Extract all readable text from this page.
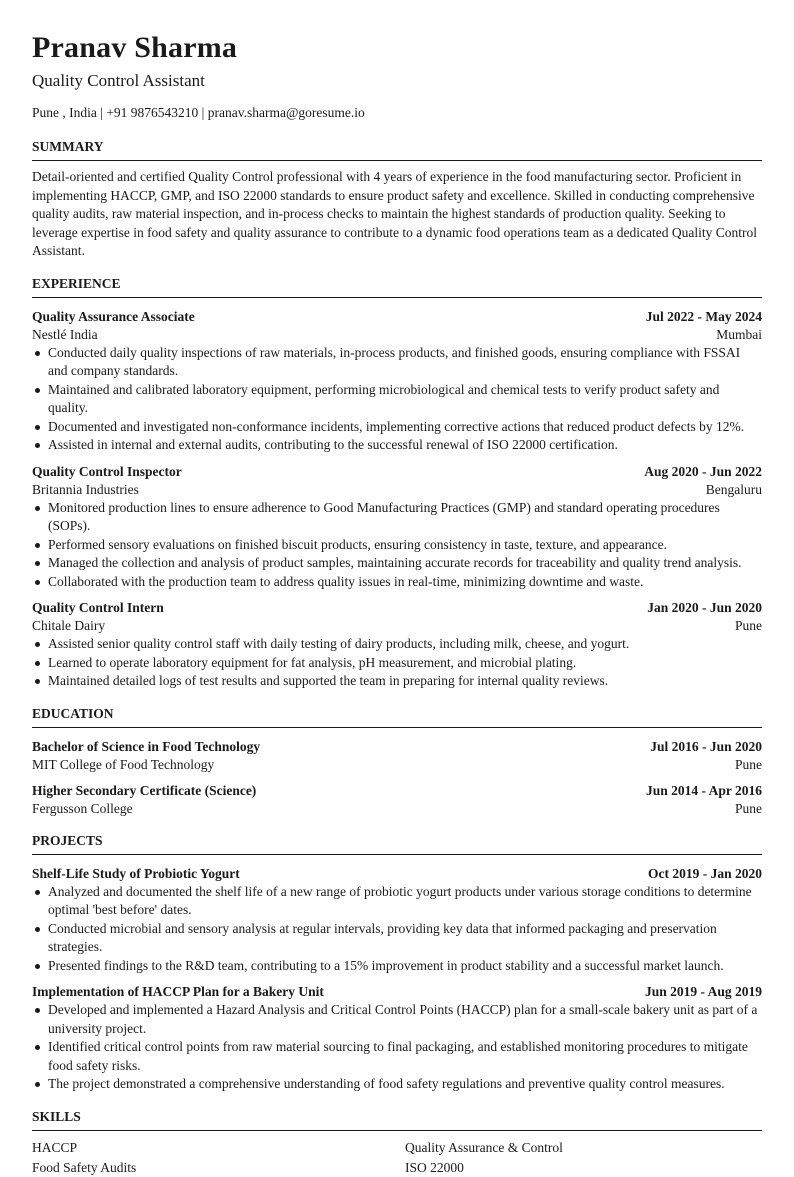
Pranav Sharma
Quality Control Assistant
Pune , India | +91 9876543210 | pranav.sharma@goresume.io
SUMMARY
Detail-oriented and certified Quality Control professional with 4 years of experience in the food manufacturing sector. Proficient in implementing HACCP, GMP, and ISO 22000 standards to ensure product safety and excellence. Skilled in conducting comprehensive quality audits, raw material inspection, and in-process checks to maintain the highest standards of production quality. Seeking to leverage expertise in food safety and quality assurance to contribute to a dynamic food operations team as a dedicated Quality Control Assistant.
EXPERIENCE
Quality Assurance Associate	Jul 2022 - May 2024
Nestlé India	Mumbai
Conducted daily quality inspections of raw materials, in-process products, and finished goods, ensuring compliance with FSSAI and company standards.
Maintained and calibrated laboratory equipment, performing microbiological and chemical tests to verify product safety and quality.
Documented and investigated non-conformance incidents, implementing corrective actions that reduced product defects by 12%.
Assisted in internal and external audits, contributing to the successful renewal of ISO 22000 certification.
Quality Control Inspector	Aug 2020 - Jun 2022
Britannia Industries	Bengaluru
Monitored production lines to ensure adherence to Good Manufacturing Practices (GMP) and standard operating procedures (SOPs).
Performed sensory evaluations on finished biscuit products, ensuring consistency in taste, texture, and appearance.
Managed the collection and analysis of product samples, maintaining accurate records for traceability and quality trend analysis.
Collaborated with the production team to address quality issues in real-time, minimizing downtime and waste.
Quality Control Intern	Jan 2020 - Jun 2020
Chitale Dairy	Pune
Assisted senior quality control staff with daily testing of dairy products, including milk, cheese, and yogurt.
Learned to operate laboratory equipment for fat analysis, pH measurement, and microbial plating.
Maintained detailed logs of test results and supported the team in preparing for internal quality reviews.
EDUCATION
Bachelor of Science in Food Technology	Jul 2016 - Jun 2020
MIT College of Food Technology	Pune
Higher Secondary Certificate (Science)	Jun 2014 - Apr 2016
Fergusson College	Pune
PROJECTS
Shelf-Life Study of Probiotic Yogurt	Oct 2019 - Jan 2020
Analyzed and documented the shelf life of a new range of probiotic yogurt products under various storage conditions to determine optimal 'best before' dates.
Conducted microbial and sensory analysis at regular intervals, providing key data that informed packaging and preservation strategies.
Presented findings to the R&D team, contributing to a 15% improvement in product stability and a successful market launch.
Implementation of HACCP Plan for a Bakery Unit	Jun 2019 - Aug 2019
Developed and implemented a Hazard Analysis and Critical Control Points (HACCP) plan for a small-scale bakery unit as part of a university project.
Identified critical control points from raw material sourcing to final packaging, and established monitoring procedures to mitigate food safety risks.
The project demonstrated a comprehensive understanding of food safety regulations and preventive quality control measures.
SKILLS
HACCP	Quality Assurance & Control
Food Safety Audits	ISO 22000
